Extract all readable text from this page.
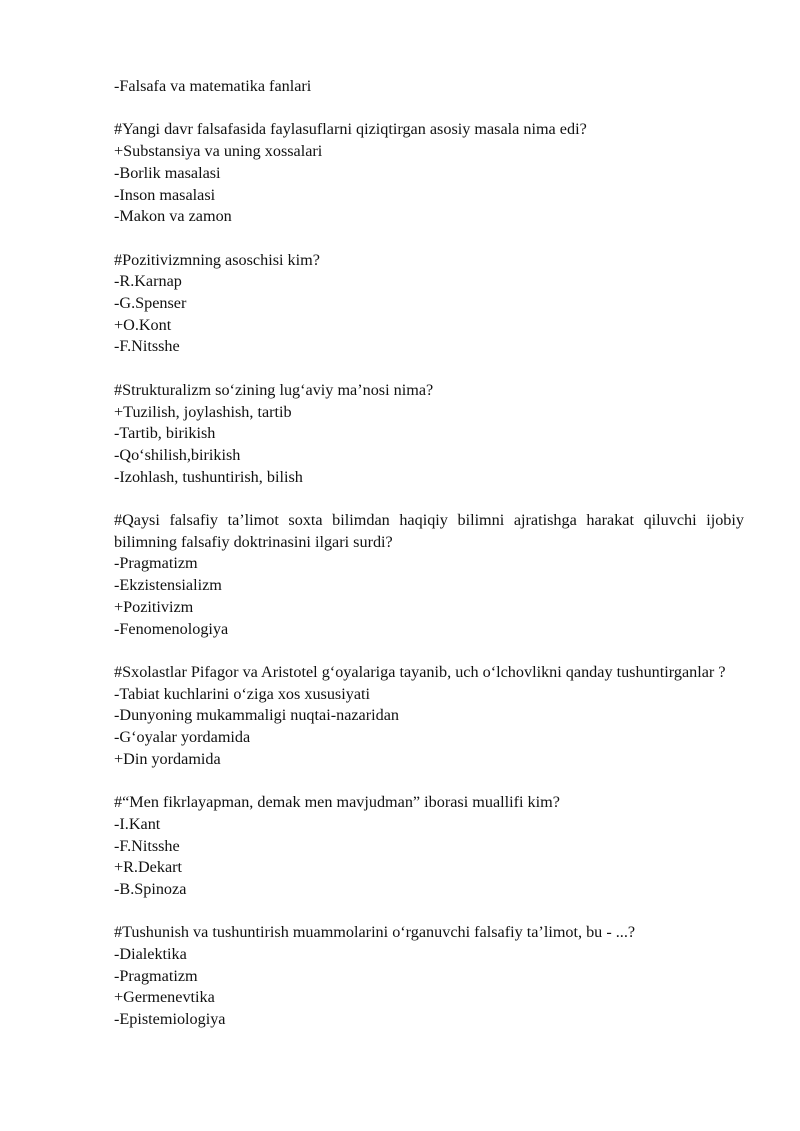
-Falsafa va matematika fanlari
#Yangi davr falsafasida faylasuflarni qiziqtirgan asosiy masala nima edi?
+Substansiya va uning xossalari
-Borlik masalasi
-Inson masalasi
-Makon va zamon
#Pozitivizmning asoschisi kim?
-R.Karnap
-G.Spenser
+O.Kont
-F.Nitsshe
#Strukturalizm so‘zining lug‘aviy ma’nosi nima?
+Tuzilish, joylashish, tartib
-Tartib, birikish
-Qo‘shilish,birikish
-Izohlash, tushuntirish, bilish
#Qaysi falsafiy ta’limot soxta bilimdan haqiqiy bilimni ajratishga harakat qiluvchi ijobiy bilimning falsafiy doktrinasini ilgari surdi?
-Pragmatizm
-Ekzistensializm
+Pozitivizm
-Fenomenologiya
#Sxolastlar Pifagor va Aristotel g‘oyalariga tayanib, uch o‘lchovlikni qanday tushuntirganlar ?
-Tabiat kuchlarini o‘ziga xos xususiyati
-Dunyoning mukammaligi nuqtai-nazaridan
-G‘oyalar yordamida
+Din yordamida
#“Men fikrlayapman, demak men mavjudman” iborasi muallifi kim?
-I.Kant
-F.Nitsshe
+R.Dekart
-B.Spinoza
#Tushunish va tushuntirish muammolarini o‘rganuvchi falsafiy ta’limot, bu - ...?
-Dialektika
-Pragmatizm
+Germenevtika
-Epistemiologiya
